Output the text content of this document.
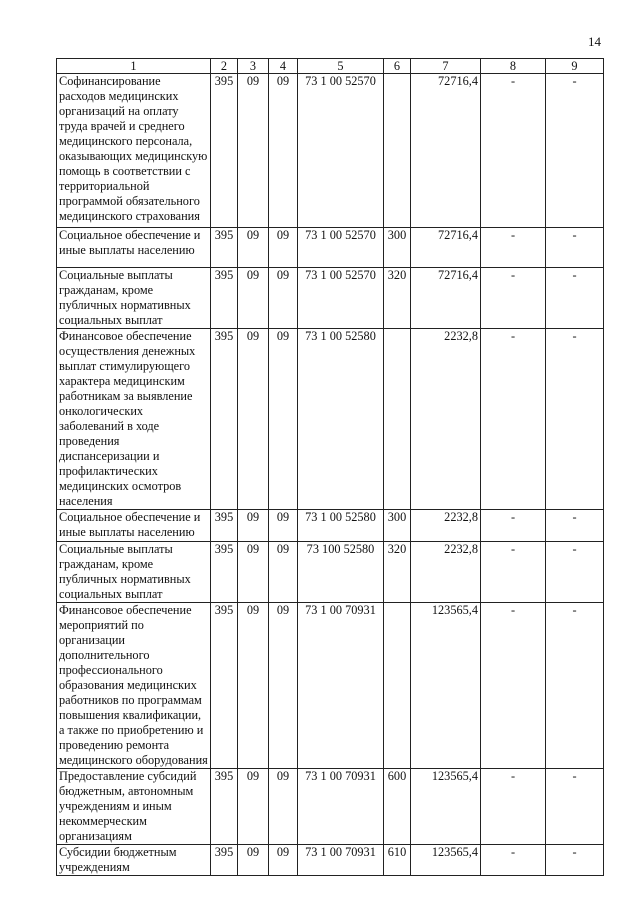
14
1	2	3	4	5	6	7	8	9
Софинансирование расходов медицинских организаций на оплату труда врачей и среднего медицинского персонала, оказывающих медицинскую помощь в соответствии с территориальной программой обязательного медицинского страхования	395	09	09	73 1 00 52570		72716,4	-	-
Социальное обеспечение и иные выплаты населению	395	09	09	73 1 00 52570	300	72716,4	-	-
Социальные выплаты гражданам, кроме публичных нормативных социальных выплат	395	09	09	73 1 00 52570	320	72716,4	-	-
Финансовое обеспечение осуществления денежных выплат стимулирующего характера медицинским работникам за выявление онкологических заболеваний в ходе проведения диспансеризации и профилактических медицинских осмотров населения	395	09	09	73 1 00 52580		2232,8	-	-
Социальное обеспечение и иные выплаты населению	395	09	09	73 1 00 52580	300	2232,8	-	-
Социальные выплаты гражданам, кроме публичных нормативных социальных выплат	395	09	09	73 100 52580	320	2232,8	-	-
Финансовое обеспечение мероприятий по организации дополнительного профессионального образования медицинских работников по программам повышения квалификации, а также по приобретению и проведению ремонта медицинского оборудования	395	09	09	73 1 00 70931		123565,4	-	-
Предоставление субсидий бюджетным, автономным учреждениям и иным некоммерческим организациям	395	09	09	73 1 00 70931	600	123565,4	-	-
Субсидии бюджетным учреждениям	395	09	09	73 1 00 70931	610	123565,4	-	-
